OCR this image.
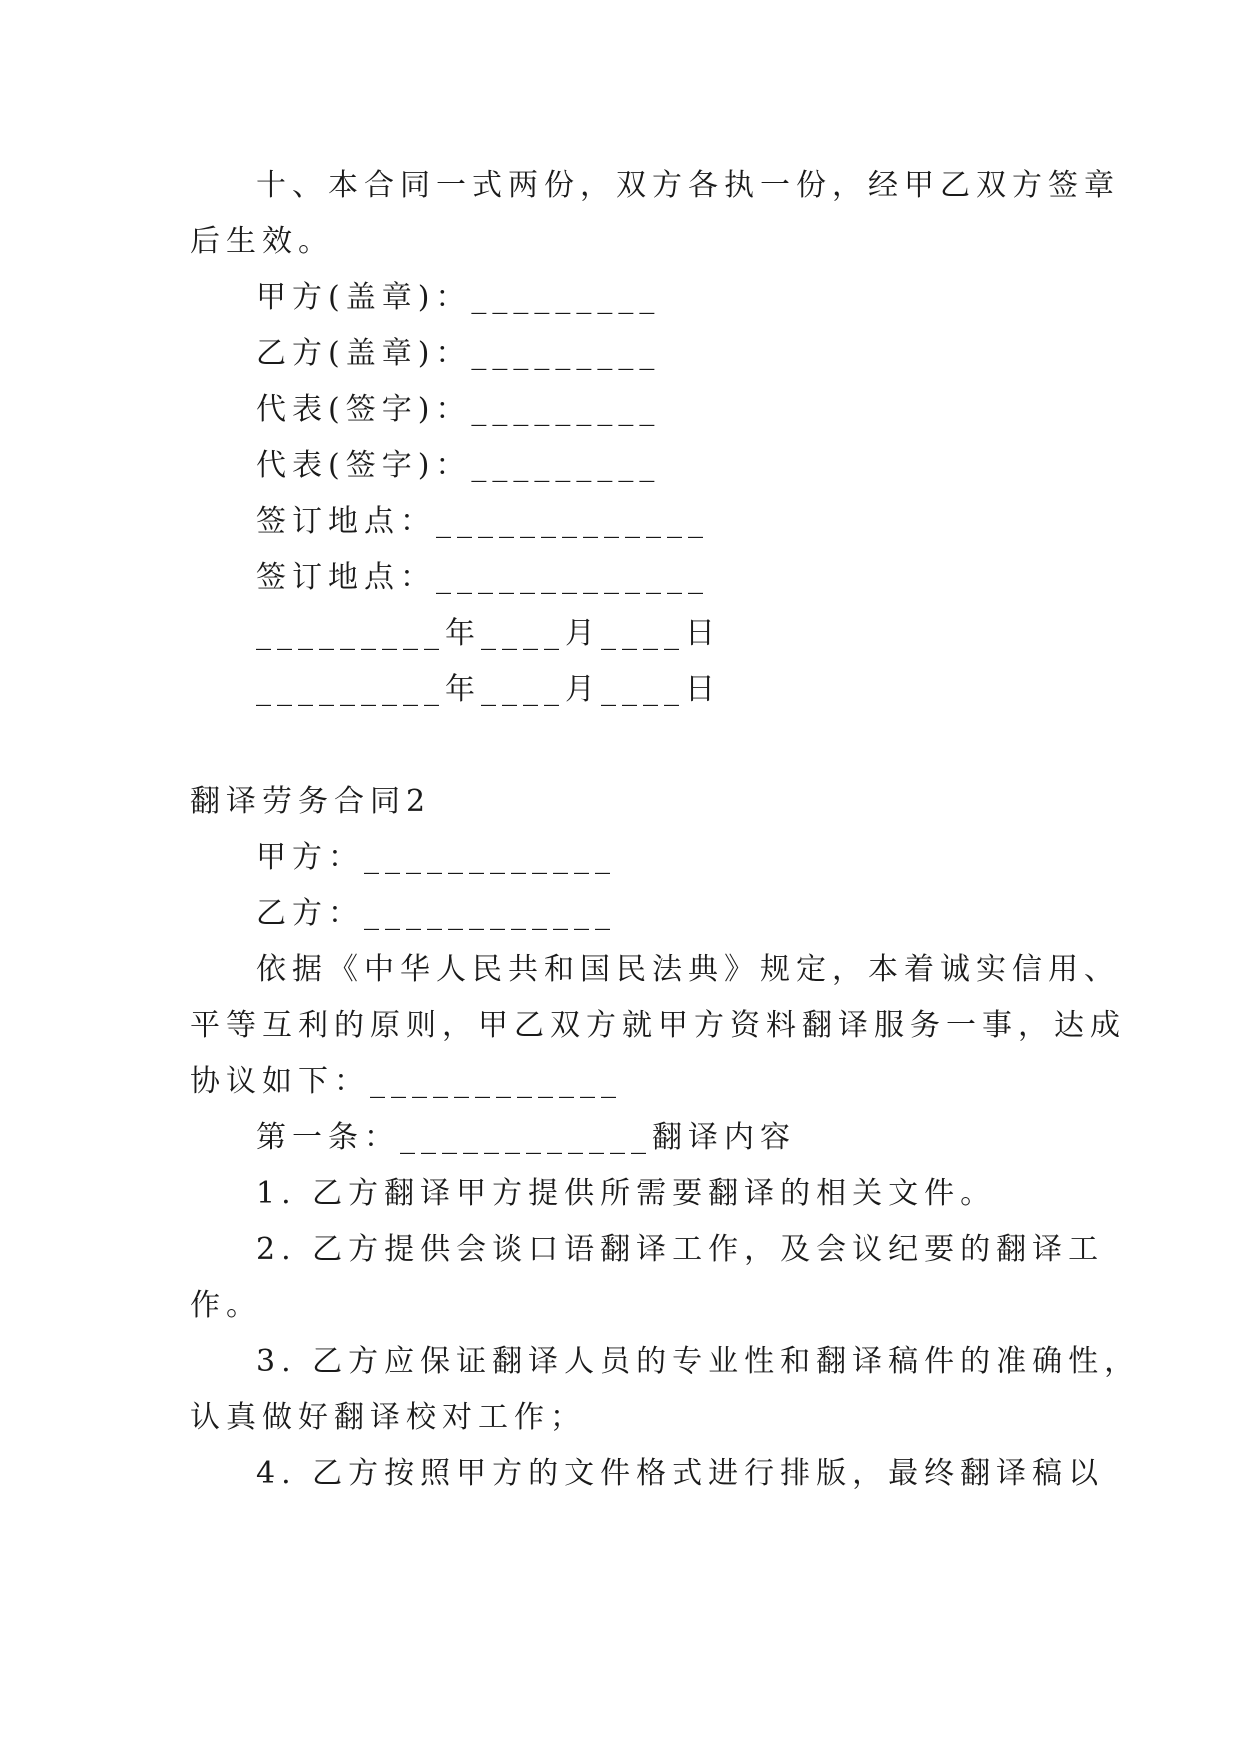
十、本合同一式两份，双方各执一份，经甲乙双方签章
后生效。
甲方(盖章)：_________
乙方(盖章)：_________
代表(签字)：_________
代表(签字)：_________
签订地点：_____________
签订地点：_____________
_________年____月____日
_________年____月____日
翻译劳务合同2
甲方：____________
乙方：____________
依据《中华人民共和国民法典》规定，本着诚实信用、
平等互利的原则，甲乙双方就甲方资料翻译服务一事，达成
协议如下：____________
第一条：____________翻译内容
1. 乙方翻译甲方提供所需要翻译的相关文件。
2. 乙方提供会谈口语翻译工作，及会议纪要的翻译工
作。
3. 乙方应保证翻译人员的专业性和翻译稿件的准确性，
认真做好翻译校对工作；
4. 乙方按照甲方的文件格式进行排版，最终翻译稿以
